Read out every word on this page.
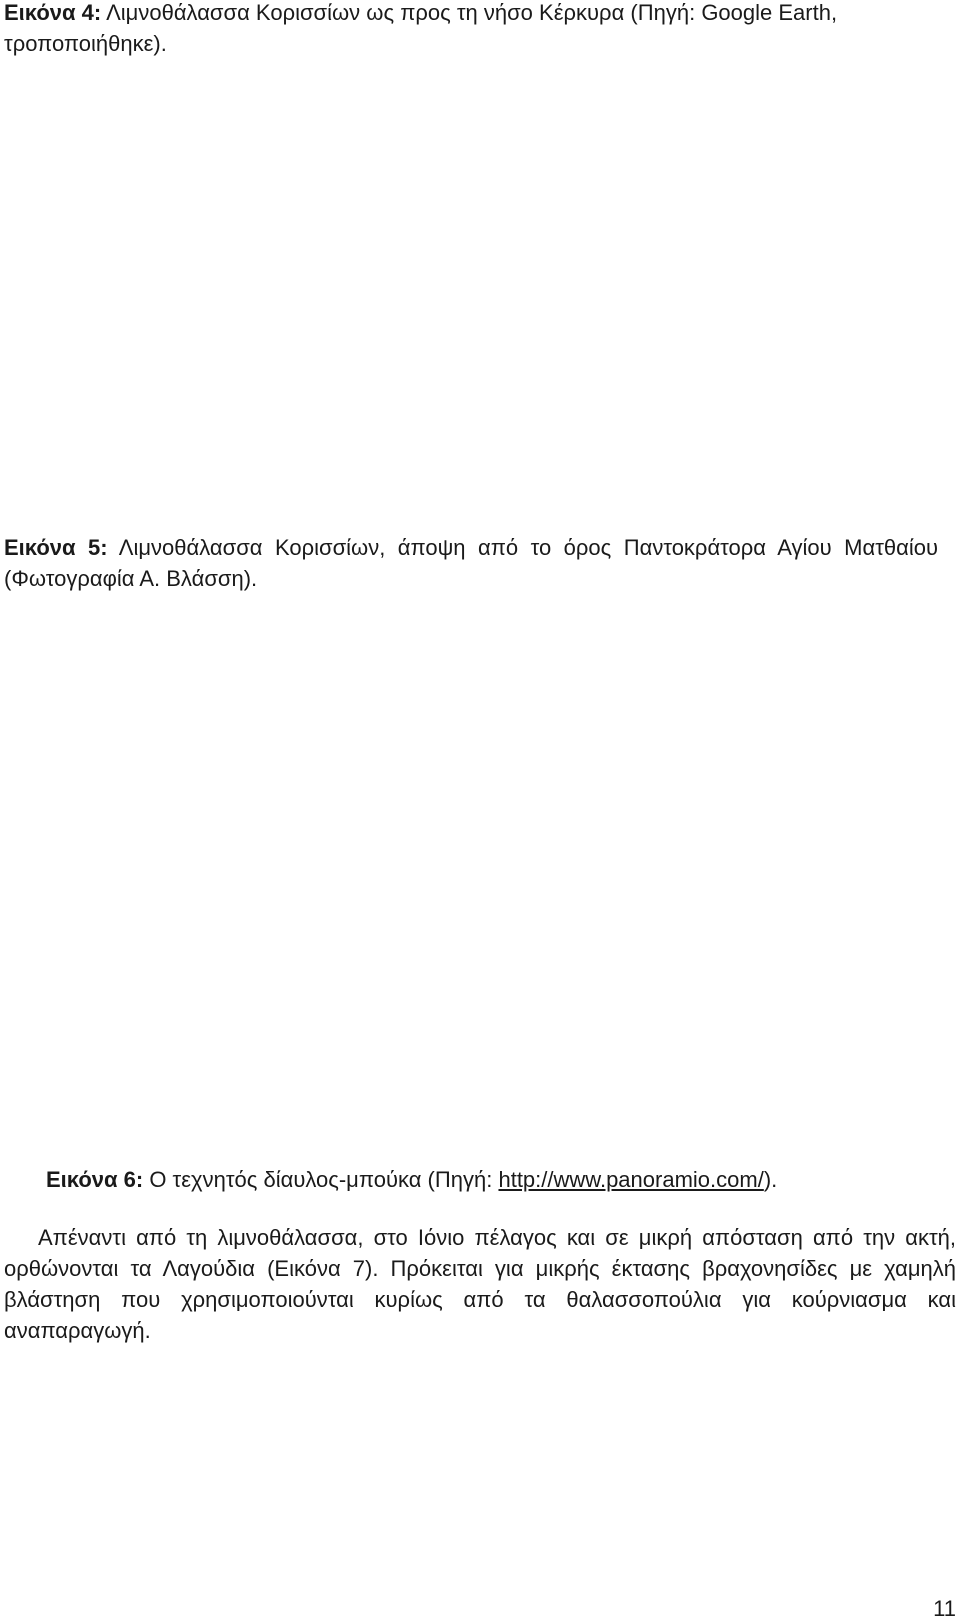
Εικόνα 4: Λιμνοθάλασσα Κορισσίων ως προς τη νήσο Κέρκυρα (Πηγή: Google Earth, τροποποιήθηκε).

Εικόνα 5: Λιμνοθάλασσα Κορισσίων, άποψη από το όρος Παντοκράτορα Αγίου Ματθαίου (Φωτογραφία Α. Βλάσση).

Εικόνα 6: Ο τεχνητός δίαυλος-μπούκα (Πηγή: http://www.panoramio.com/).

Απέναντι από τη λιμνοθάλασσα, στο Ιόνιο πέλαγος και σε μικρή απόσταση από την ακτή, ορθώνονται τα Λαγούδια (Εικόνα 7). Πρόκειται για μικρής έκτασης βραχονησίδες με χαμηλή βλάστηση που χρησιμοποιούνται κυρίως από τα θαλασσοπούλια για κούρνιασμα και αναπαραγωγή.

11
